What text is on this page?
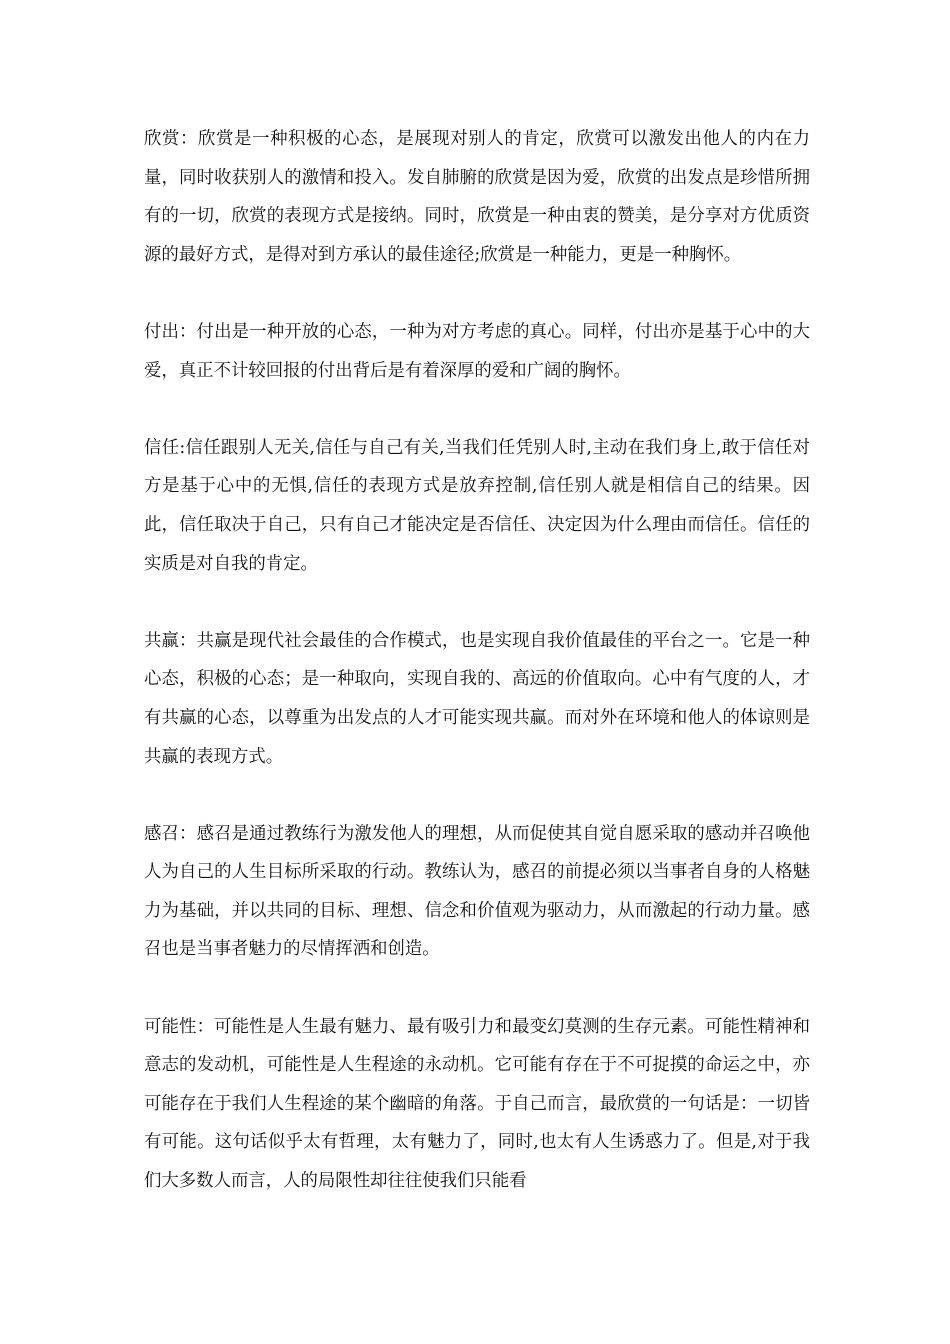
欣赏：欣赏是一种积极的心态，是展现对别人的肯定，欣赏可以激发出他人的内在力量，同时收获别人的激情和投入。发自肺腑的欣赏是因为爱，欣赏的出发点是珍惜所拥有的一切，欣赏的表现方式是接纳。同时，欣赏是一种由衷的赞美，是分享对方优质资源的最好方式，是得对到方承认的最佳途径;欣赏是一种能力，更是一种胸怀。

付出：付出是一种开放的心态，一种为对方考虑的真心。同样，付出亦是基于心中的大爱，真正不计较回报的付出背后是有着深厚的爱和广阔的胸怀。

信任:信任跟别人无关,信任与自己有关,当我们任凭别人时,主动在我们身上,敢于信任对方是基于心中的无惧,信任的表现方式是放弃控制,信任别人就是相信自己的结果。因此，信任取决于自己，只有自己才能决定是否信任、决定因为什么理由而信任。信任的实质是对自我的肯定。

共赢：共赢是现代社会最佳的合作模式，也是实现自我价值最佳的平台之一。它是一种心态，积极的心态；是一种取向，实现自我的、高远的价值取向。心中有气度的人，才有共赢的心态，以尊重为出发点的人才可能实现共赢。而对外在环境和他人的体谅则是共赢的表现方式。

感召：感召是通过教练行为激发他人的理想，从而促使其自觉自愿采取的感动并召唤他人为自己的人生目标所采取的行动。教练认为，感召的前提必须以当事者自身的人格魅力为基础，并以共同的目标、理想、信念和价值观为驱动力，从而激起的行动力量。感召也是当事者魅力的尽情挥洒和创造。

可能性：可能性是人生最有魅力、最有吸引力和最变幻莫测的生存元素。可能性精神和意志的发动机，可能性是人生程途的永动机。它可能有存在于不可捉摸的命运之中，亦可能存在于我们人生程途的某个幽暗的角落。于自己而言，最欣赏的一句话是：一切皆有可能。这句话似乎太有哲理，太有魅力了，同时,也太有人生诱惑力了。但是,对于我们大多数人而言，人的局限性却往往使我们只能看
